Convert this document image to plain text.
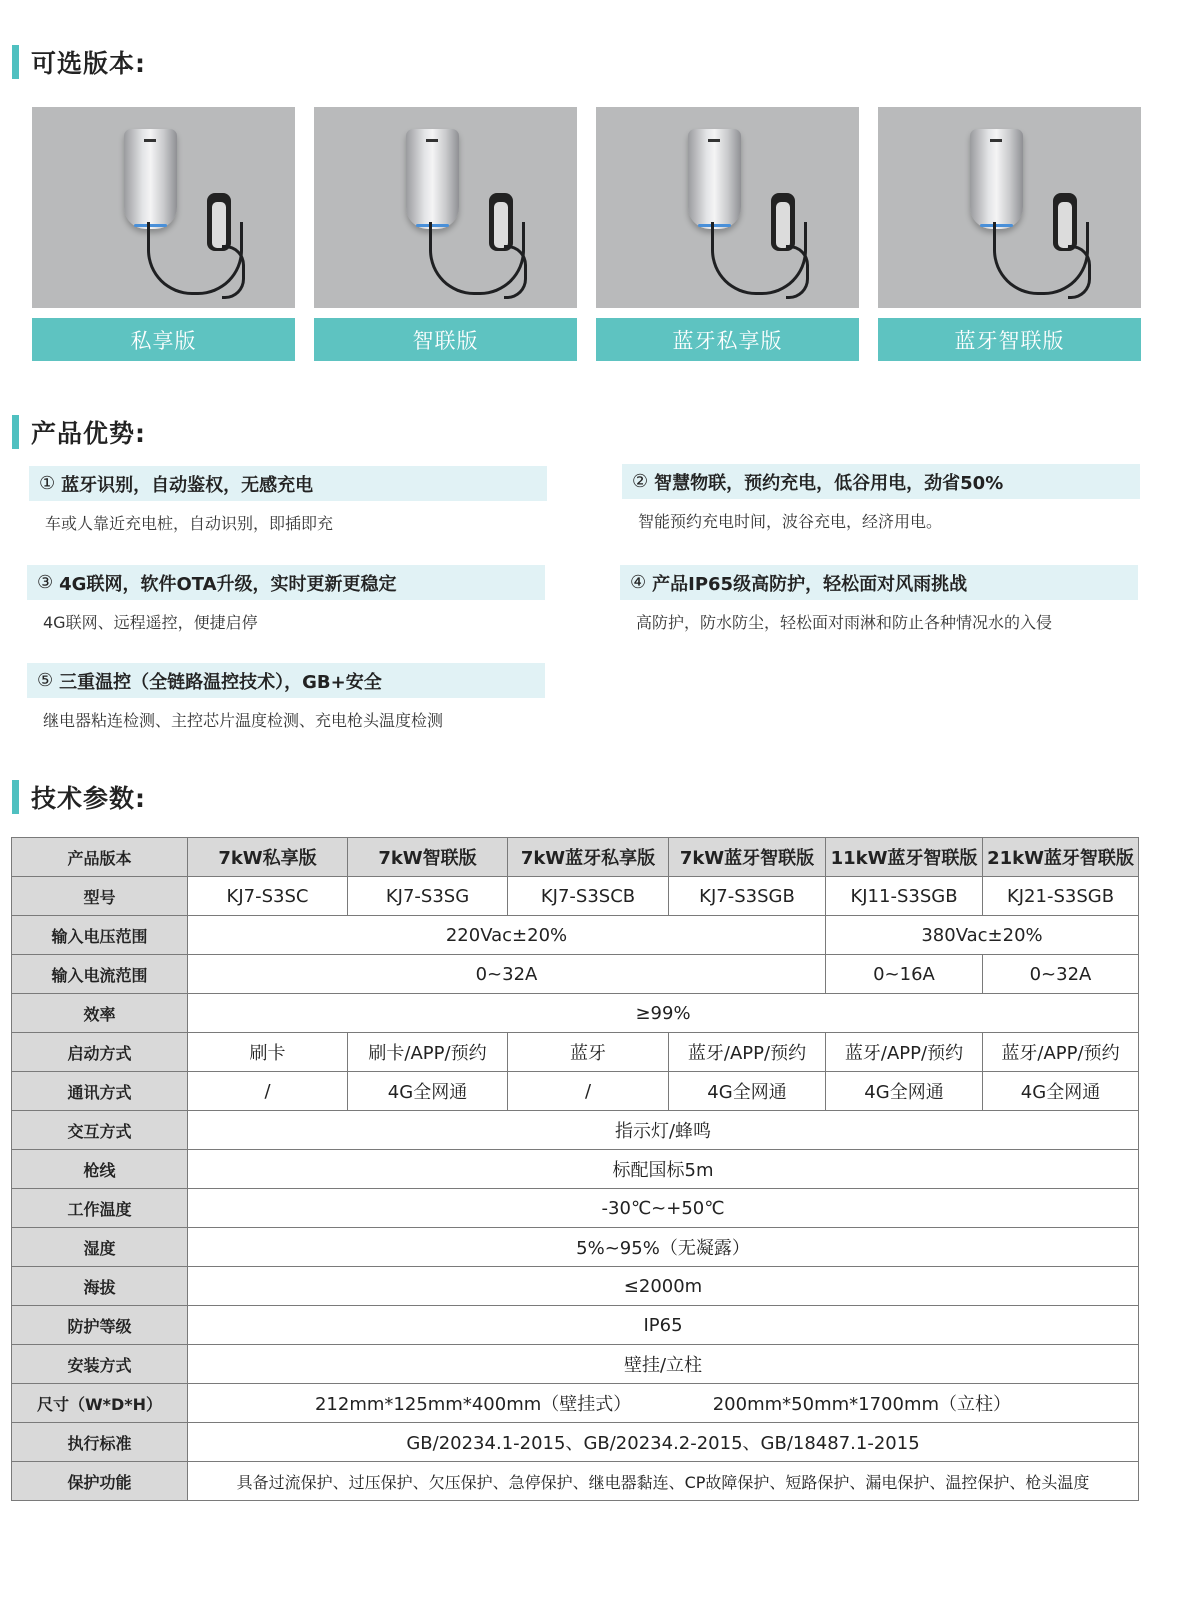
可选版本:
私享版	智联版	蓝牙私享版	蓝牙智联版
产品优势:
① 蓝牙识别，自动鉴权，无感充电
车或人靠近充电桩，自动识别，即插即充
② 智慧物联，预约充电，低谷用电，劲省50%
智能预约充电时间，波谷充电，经济用电。
③ 4G联网，软件OTA升级，实时更新更稳定
4G联网、远程遥控，便捷启停
④ 产品IP65级高防护，轻松面对风雨挑战
高防护，防水防尘，轻松面对雨淋和防止各种情况水的入侵
⑤ 三重温控（全链路温控技术），GB+安全
继电器粘连检测、主控芯片温度检测、充电枪头温度检测
技术参数:
产品版本	7kW私享版	7kW智联版	7kW蓝牙私享版	7kW蓝牙智联版	11kW蓝牙智联版	21kW蓝牙智联版
型号	KJ7-S3SC	KJ7-S3SG	KJ7-S3SCB	KJ7-S3SGB	KJ11-S3SGB	KJ21-S3SGB
输入电压范围	220Vac±20%				380Vac±20%	
输入电流范围	0~32A				0~16A	0~32A
效率	≥99%					
启动方式	刷卡	刷卡/APP/预约	蓝牙	蓝牙/APP/预约	蓝牙/APP/预约	蓝牙/APP/预约
通讯方式	/	4G全网通	/	4G全网通	4G全网通	4G全网通
交互方式	指示灯/蜂鸣					
枪线	标配国标5m					
工作温度	-30℃~+50℃					
湿度	5%~95%（无凝露）					
海拔	≤2000m					
防护等级	IP65					
安装方式	壁挂/立柱					
尺寸（W*D*H）	212mm*125mm*400mm（壁挂式） 200mm*50mm*1700mm（立柱）					
执行标准	GB/20234.1-2015、GB/20234.2-2015、GB/18487.1-2015					
保护功能	具备过流保护、过压保护、欠压保护、急停保护、继电器黏连、CP故障保护、短路保护、漏电保护、温控保护、枪头温度					
